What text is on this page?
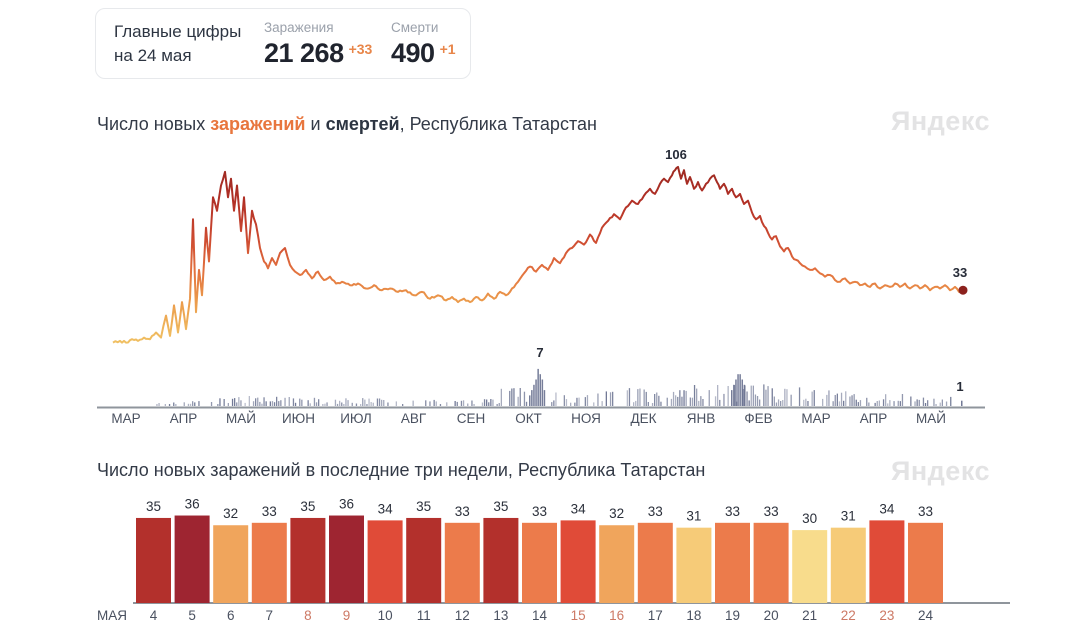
Главные цифры
на 24 мая
Заражения
21 268 $^{+33}$
Смерти
490 $^{+1}$
Число новых заражений и смертей, Республика Татарстан	Яндекс
Число новых заражений в последние три недели, Республика Татарстан	Яндекс
7
1
106
33
МАР АПР МАЙ ИЮН ИЮЛ АВГ СЕН ОКТ НОЯ ДЕК ЯНВ ФЕВ МАР АПР МАЙ
35
4
36
5
32
6
33
7
35
8
36
9
34
10
35
11
33
12
35
13
33
14
34
15
32
16
33
17
31
18
33
19
33
20
30
21
31
22
34
23
33
24
МАЯ
